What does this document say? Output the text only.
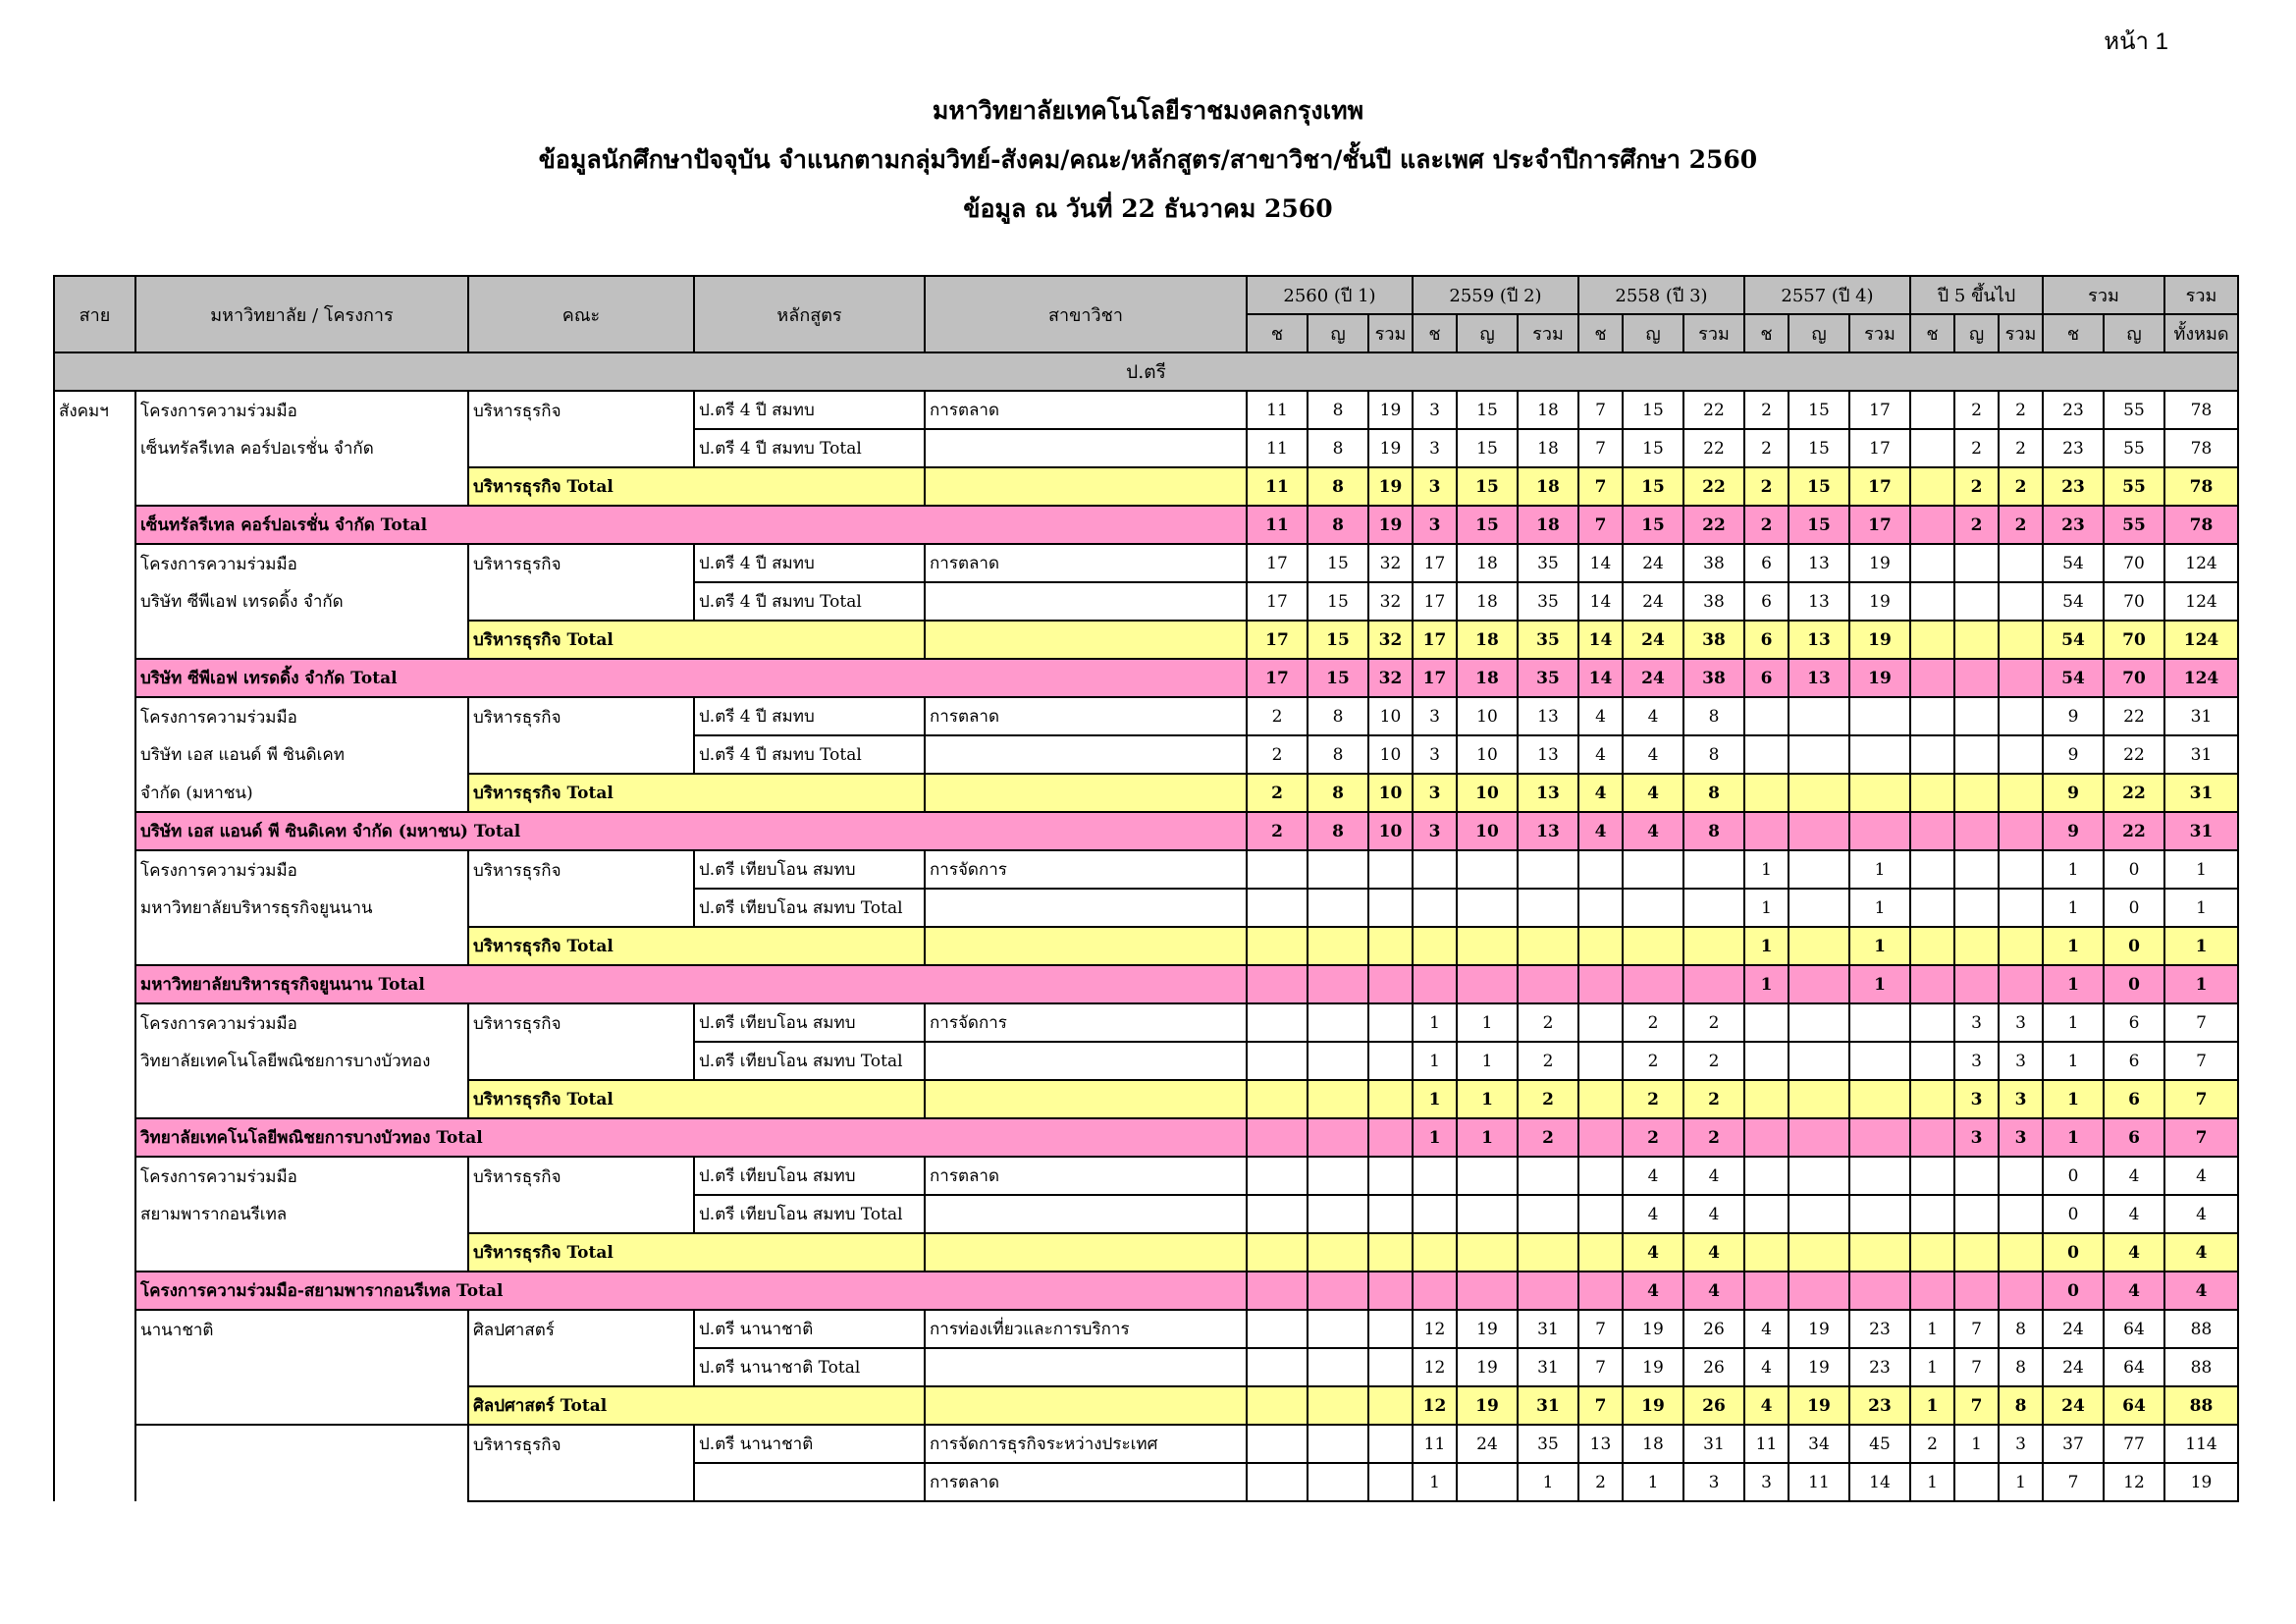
หน้า 1
มหาวิทยาลัยเทคโนโลยีราชมงคลกรุงเทพ
ข้อมูลนักศึกษาปัจจุบัน จำแนกตามกลุ่มวิทย์-สังคม/คณะ/หลักสูตร/สาขาวิชา/ชั้นปี และเพศ ประจำปีการศึกษา 2560
ข้อมูล ณ วันที่ 22 ธันวาคม 2560
สาย	มหาวิทยาลัย / โครงการ	คณะ	หลักสูตร	สาขาวิชา	2560 (ปี 1)			2559 (ปี 2)			2558 (ปี 3)			2557 (ปี 4)			ปี 5 ขึ้นไป			รวม		รวม
					ช	ญ	รวม	ช	ญ	รวม	ช	ญ	รวม	ช	ญ	รวม	ช	ญ	รวม	ช	ญ	ทั้งหมด
ป.ตรี																						
สังคมฯ	โครงการความร่วมมือ	บริหารธุรกิจ	ป.ตรี 4 ปี สมทบ	การตลาด	11	8	19	3	15	18	7	15	22	2	15	17		2	2	23	55	78
	เซ็นทรัลรีเทล คอร์ปอเรชั่น จำกัด		ป.ตรี 4 ปี สมทบ Total		11	8	19	3	15	18	7	15	22	2	15	17		2	2	23	55	78
		บริหารธุรกิจ Total			11	8	19	3	15	18	7	15	22	2	15	17		2	2	23	55	78
	เซ็นทรัลรีเทล คอร์ปอเรชั่น จำกัด Total				11	8	19	3	15	18	7	15	22	2	15	17		2	2	23	55	78
	โครงการความร่วมมือ	บริหารธุรกิจ	ป.ตรี 4 ปี สมทบ	การตลาด	17	15	32	17	18	35	14	24	38	6	13	19				54	70	124
	บริษัท ซีพีเอฟ เทรดดิ้ง จำกัด		ป.ตรี 4 ปี สมทบ Total		17	15	32	17	18	35	14	24	38	6	13	19				54	70	124
		บริหารธุรกิจ Total			17	15	32	17	18	35	14	24	38	6	13	19				54	70	124
	บริษัท ซีพีเอฟ เทรดดิ้ง จำกัด Total				17	15	32	17	18	35	14	24	38	6	13	19				54	70	124
	โครงการความร่วมมือ	บริหารธุรกิจ	ป.ตรี 4 ปี สมทบ	การตลาด	2	8	10	3	10	13	4	4	8							9	22	31
	บริษัท เอส แอนด์ พี ซินดิเคท		ป.ตรี 4 ปี สมทบ Total		2	8	10	3	10	13	4	4	8							9	22	31
	จำกัด (มหาชน)	บริหารธุรกิจ Total			2	8	10	3	10	13	4	4	8							9	22	31
	บริษัท เอส แอนด์ พี ซินดิเคท จำกัด (มหาชน) Total				2	8	10	3	10	13	4	4	8							9	22	31
	โครงการความร่วมมือ	บริหารธุรกิจ	ป.ตรี เทียบโอน สมทบ	การจัดการ										1		1				1	0	1
	มหาวิทยาลัยบริหารธุรกิจยูนนาน		ป.ตรี เทียบโอน สมทบ Total											1		1				1	0	1
		บริหารธุรกิจ Total												1		1				1	0	1
	มหาวิทยาลัยบริหารธุรกิจยูนนาน Total													1		1				1	0	1
	โครงการความร่วมมือ	บริหารธุรกิจ	ป.ตรี เทียบโอน สมทบ	การจัดการ				1	1	2		2	2					3	3	1	6	7
	วิทยาลัยเทคโนโลยีพณิชยการบางบัวทอง		ป.ตรี เทียบโอน สมทบ Total					1	1	2		2	2					3	3	1	6	7
		บริหารธุรกิจ Total						1	1	2		2	2					3	3	1	6	7
	วิทยาลัยเทคโนโลยีพณิชยการบางบัวทอง Total							1	1	2		2	2					3	3	1	6	7
	โครงการความร่วมมือ	บริหารธุรกิจ	ป.ตรี เทียบโอน สมทบ	การตลาด								4	4							0	4	4
	สยามพารากอนรีเทล		ป.ตรี เทียบโอน สมทบ Total									4	4							0	4	4
		บริหารธุรกิจ Total										4	4							0	4	4
	โครงการความร่วมมือ-สยามพารากอนรีเทล Total											4	4							0	4	4
	นานาชาติ	ศิลปศาสตร์	ป.ตรี นานาชาติ	การท่องเที่ยวและการบริการ				12	19	31	7	19	26	4	19	23	1	7	8	24	64	88
			ป.ตรี นานาชาติ Total					12	19	31	7	19	26	4	19	23	1	7	8	24	64	88
		ศิลปศาสตร์ Total						12	19	31	7	19	26	4	19	23	1	7	8	24	64	88
		บริหารธุรกิจ	ป.ตรี นานาชาติ	การจัดการธุรกิจระหว่างประเทศ				11	24	35	13	18	31	11	34	45	2	1	3	37	77	114
				การตลาด				1		1	2	1	3	3	11	14	1		1	7	12	19
